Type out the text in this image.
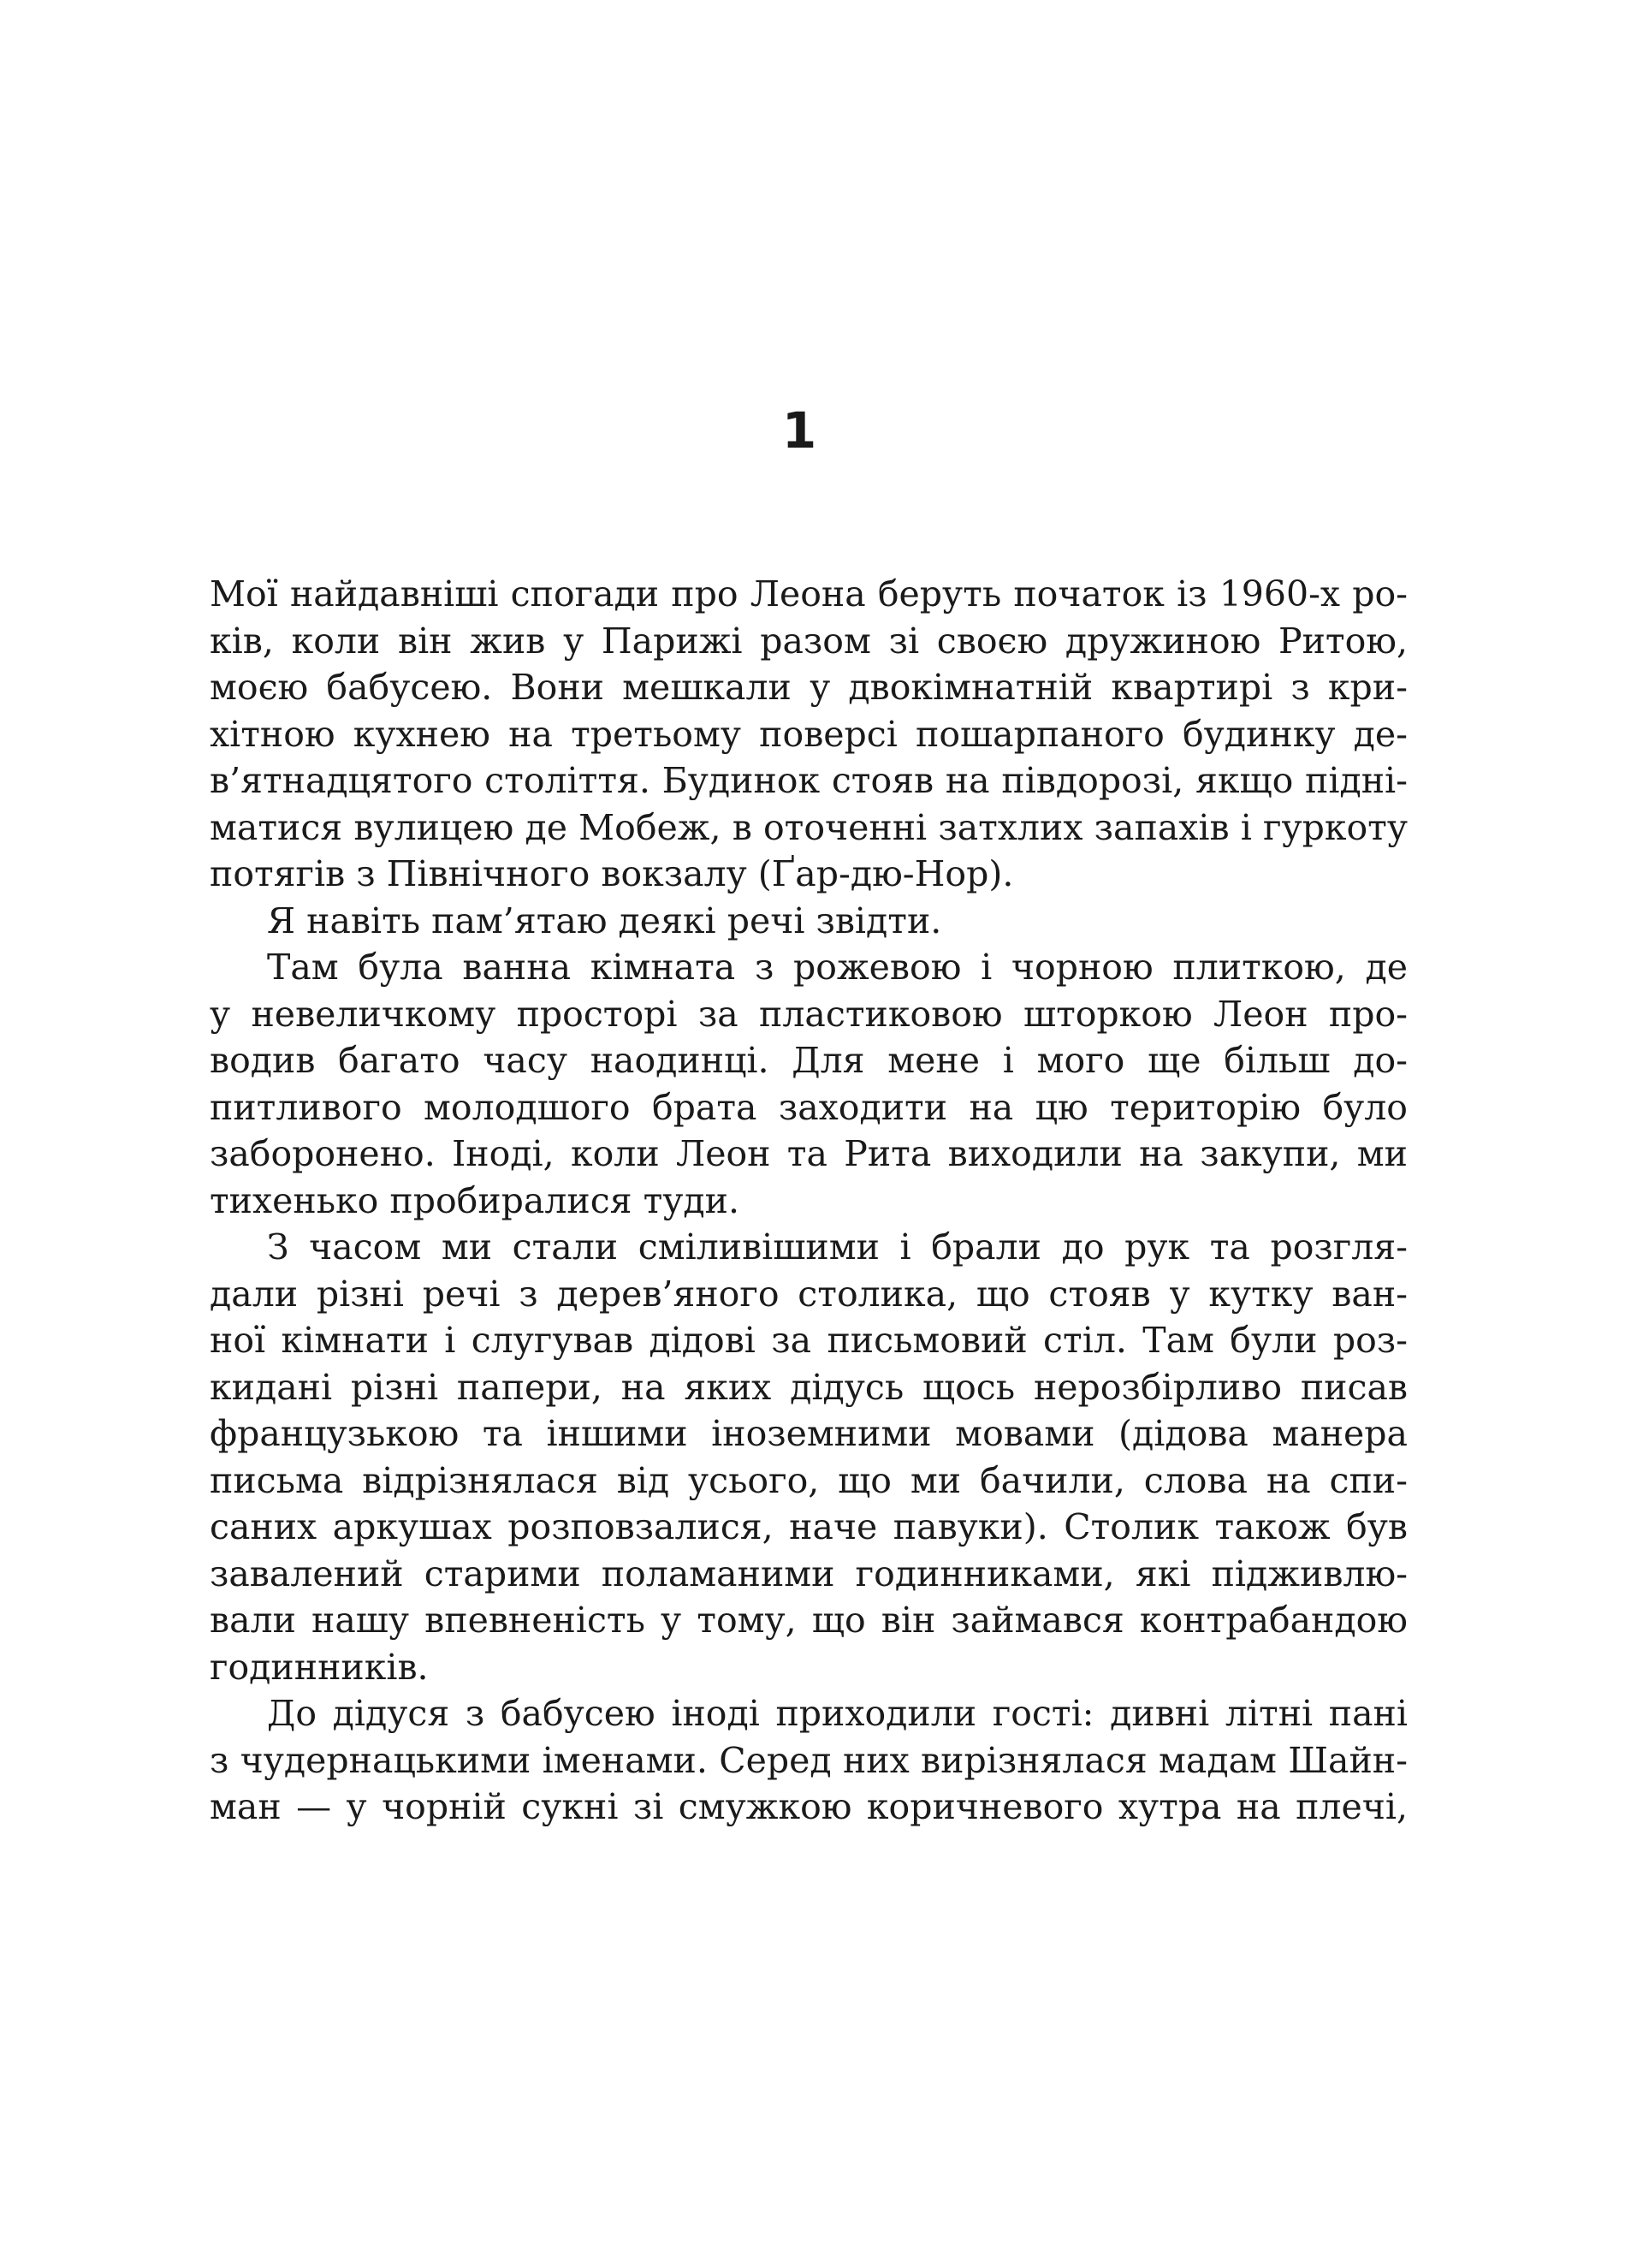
1
Мої найдавніші спогади про Леона беруть початок із 1960-х ро-
ків, коли він жив у Парижі разом зі своєю дружиною Ритою,
моєю бабусею. Вони мешкали у двокімнатній квартирі з кри-
хітною кухнею на третьому поверсі пошарпаного будинку де-
в’ятнадцятого століття. Будинок стояв на півдорозі, якщо підні-
матися вулицею де Мобеж, в оточенні затхлих запахів і гуркоту
потягів з Північного вокзалу (Ґар-дю-Нор).
Я навіть пам’ятаю деякі речі звідти.
Там була ванна кімната з рожевою і чорною плиткою, де
у невеличкому просторі за пластиковою шторкою Леон про-
водив багато часу наодинці. Для мене і мого ще більш до-
питливого молодшого брата заходити на цю територію було
заборонено. Іноді, коли Леон та Рита виходили на закупи, ми
тихенько пробиралися туди.
З часом ми стали сміливішими і брали до рук та розгля-
дали різні речі з дерев’яного столика, що стояв у кутку ван-
ної кімнати і слугував дідові за письмовий стіл. Там були роз-
кидані різні папери, на яких дідусь щось нерозбірливо писав
французькою та іншими іноземними мовами (дідова манера
письма відрізнялася від усього, що ми бачили, слова на спи-
саних аркушах розповзалися, наче павуки). Столик також був
завалений старими поламаними годинниками, які підживлю-
вали нашу впевненість у тому, що він займався контрабандою
годинників.
До дідуся з бабусею іноді приходили гості: дивні літні пані
з чудернацькими іменами. Серед них вирізнялася мадам Шайн-
ман — у чорній сукні зі смужкою коричневого хутра на плечі,
